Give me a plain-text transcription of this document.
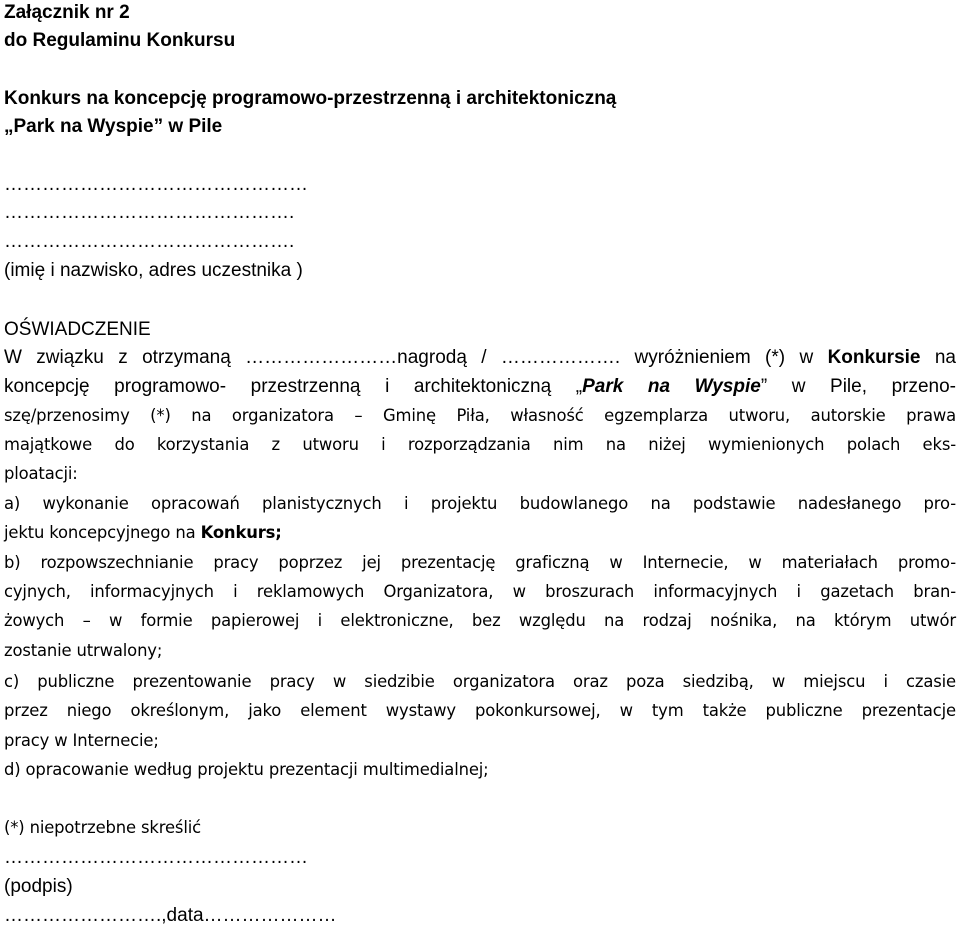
Załącznik nr 2
do Regulaminu Konkursu
Konkurs na koncepcję programowo-przestrzenną i architektoniczną
„Park na Wyspie” w Pile
…………………………………………
……………………………………….
……………………………………….
(imię i nazwisko, adres uczestnika )
OŚWIADCZENIE
W związku z otrzymaną ……………………nagrodą / ………………. wyróżnieniem (*) w Konkursie na
koncepcję programowo- przestrzenną i architektoniczną „Park na Wyspie” w Pile, przeno-
szę/przenosimy (*) na organizatora – Gminę Piła, własność egzemplarza utworu, autorskie prawa
majątkowe do korzystania z utworu i rozporządzania nim na niżej wymienionych polach eks-
ploatacji:
a) wykonanie opracowań planistycznych i projektu budowlanego na podstawie nadesłanego pro-
jektu koncepcyjnego na Konkurs;
b) rozpowszechnianie pracy poprzez jej prezentację graficzną w Internecie, w materiałach promo-
cyjnych, informacyjnych i reklamowych Organizatora, w broszurach informacyjnych i gazetach bran-
żowych – w formie papierowej i elektroniczne, bez względu na rodzaj nośnika, na którym utwór
zostanie utrwalony;
c) publiczne prezentowanie pracy w siedzibie organizatora oraz poza siedzibą, w miejscu i czasie
przez niego określonym, jako element wystawy pokonkursowej, w tym także publiczne prezentacje
pracy w Internecie;
d) opracowanie według projektu prezentacji multimedialnej;
(*) niepotrzebne skreślić
…………………………………………
(podpis)
…………………….,data…………………
